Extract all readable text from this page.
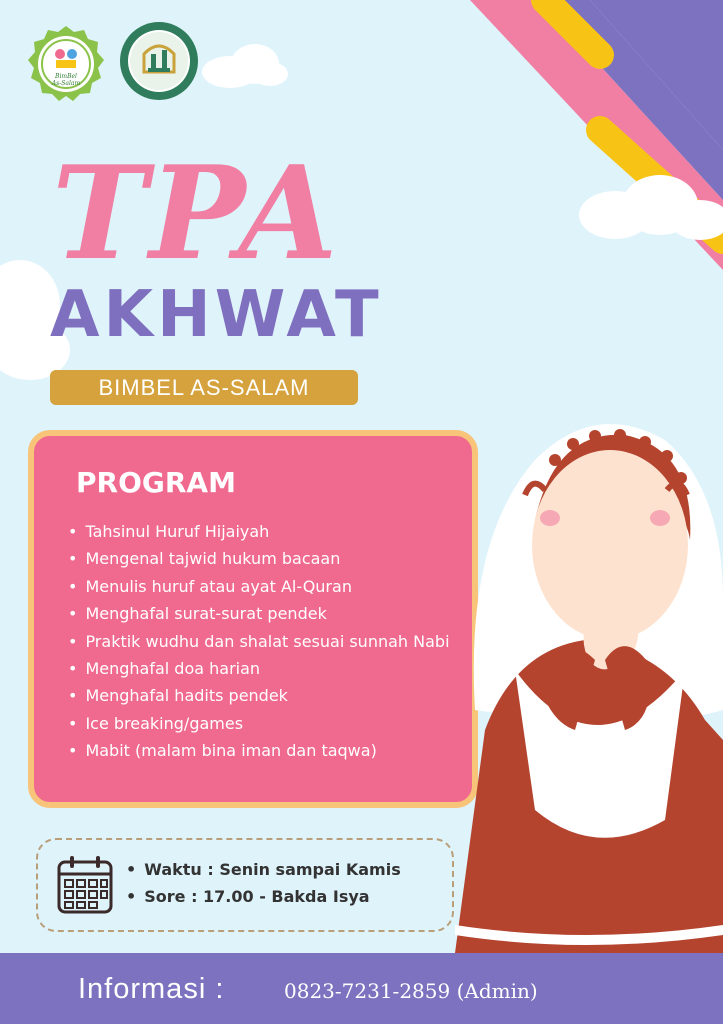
BimBel
As-Salam
TPA
AKHWAT
BIMBEL AS-SALAM
PROGRAM
• Tahsinul Huruf Hijaiyah
• Mengenal tajwid hukum bacaan
• Menulis huruf atau ayat Al-Quran
• Menghafal surat-surat pendek
• Praktik wudhu dan shalat sesuai sunnah Nabi
• Menghafal doa harian
• Menghafal hadits pendek
• Ice breaking/games
• Mabit (malam bina iman dan taqwa)
• Waktu : Senin sampai Kamis
• Sore : 17.00 - Bakda Isya
Informasi :	0823-7231-2859 (Admin)
